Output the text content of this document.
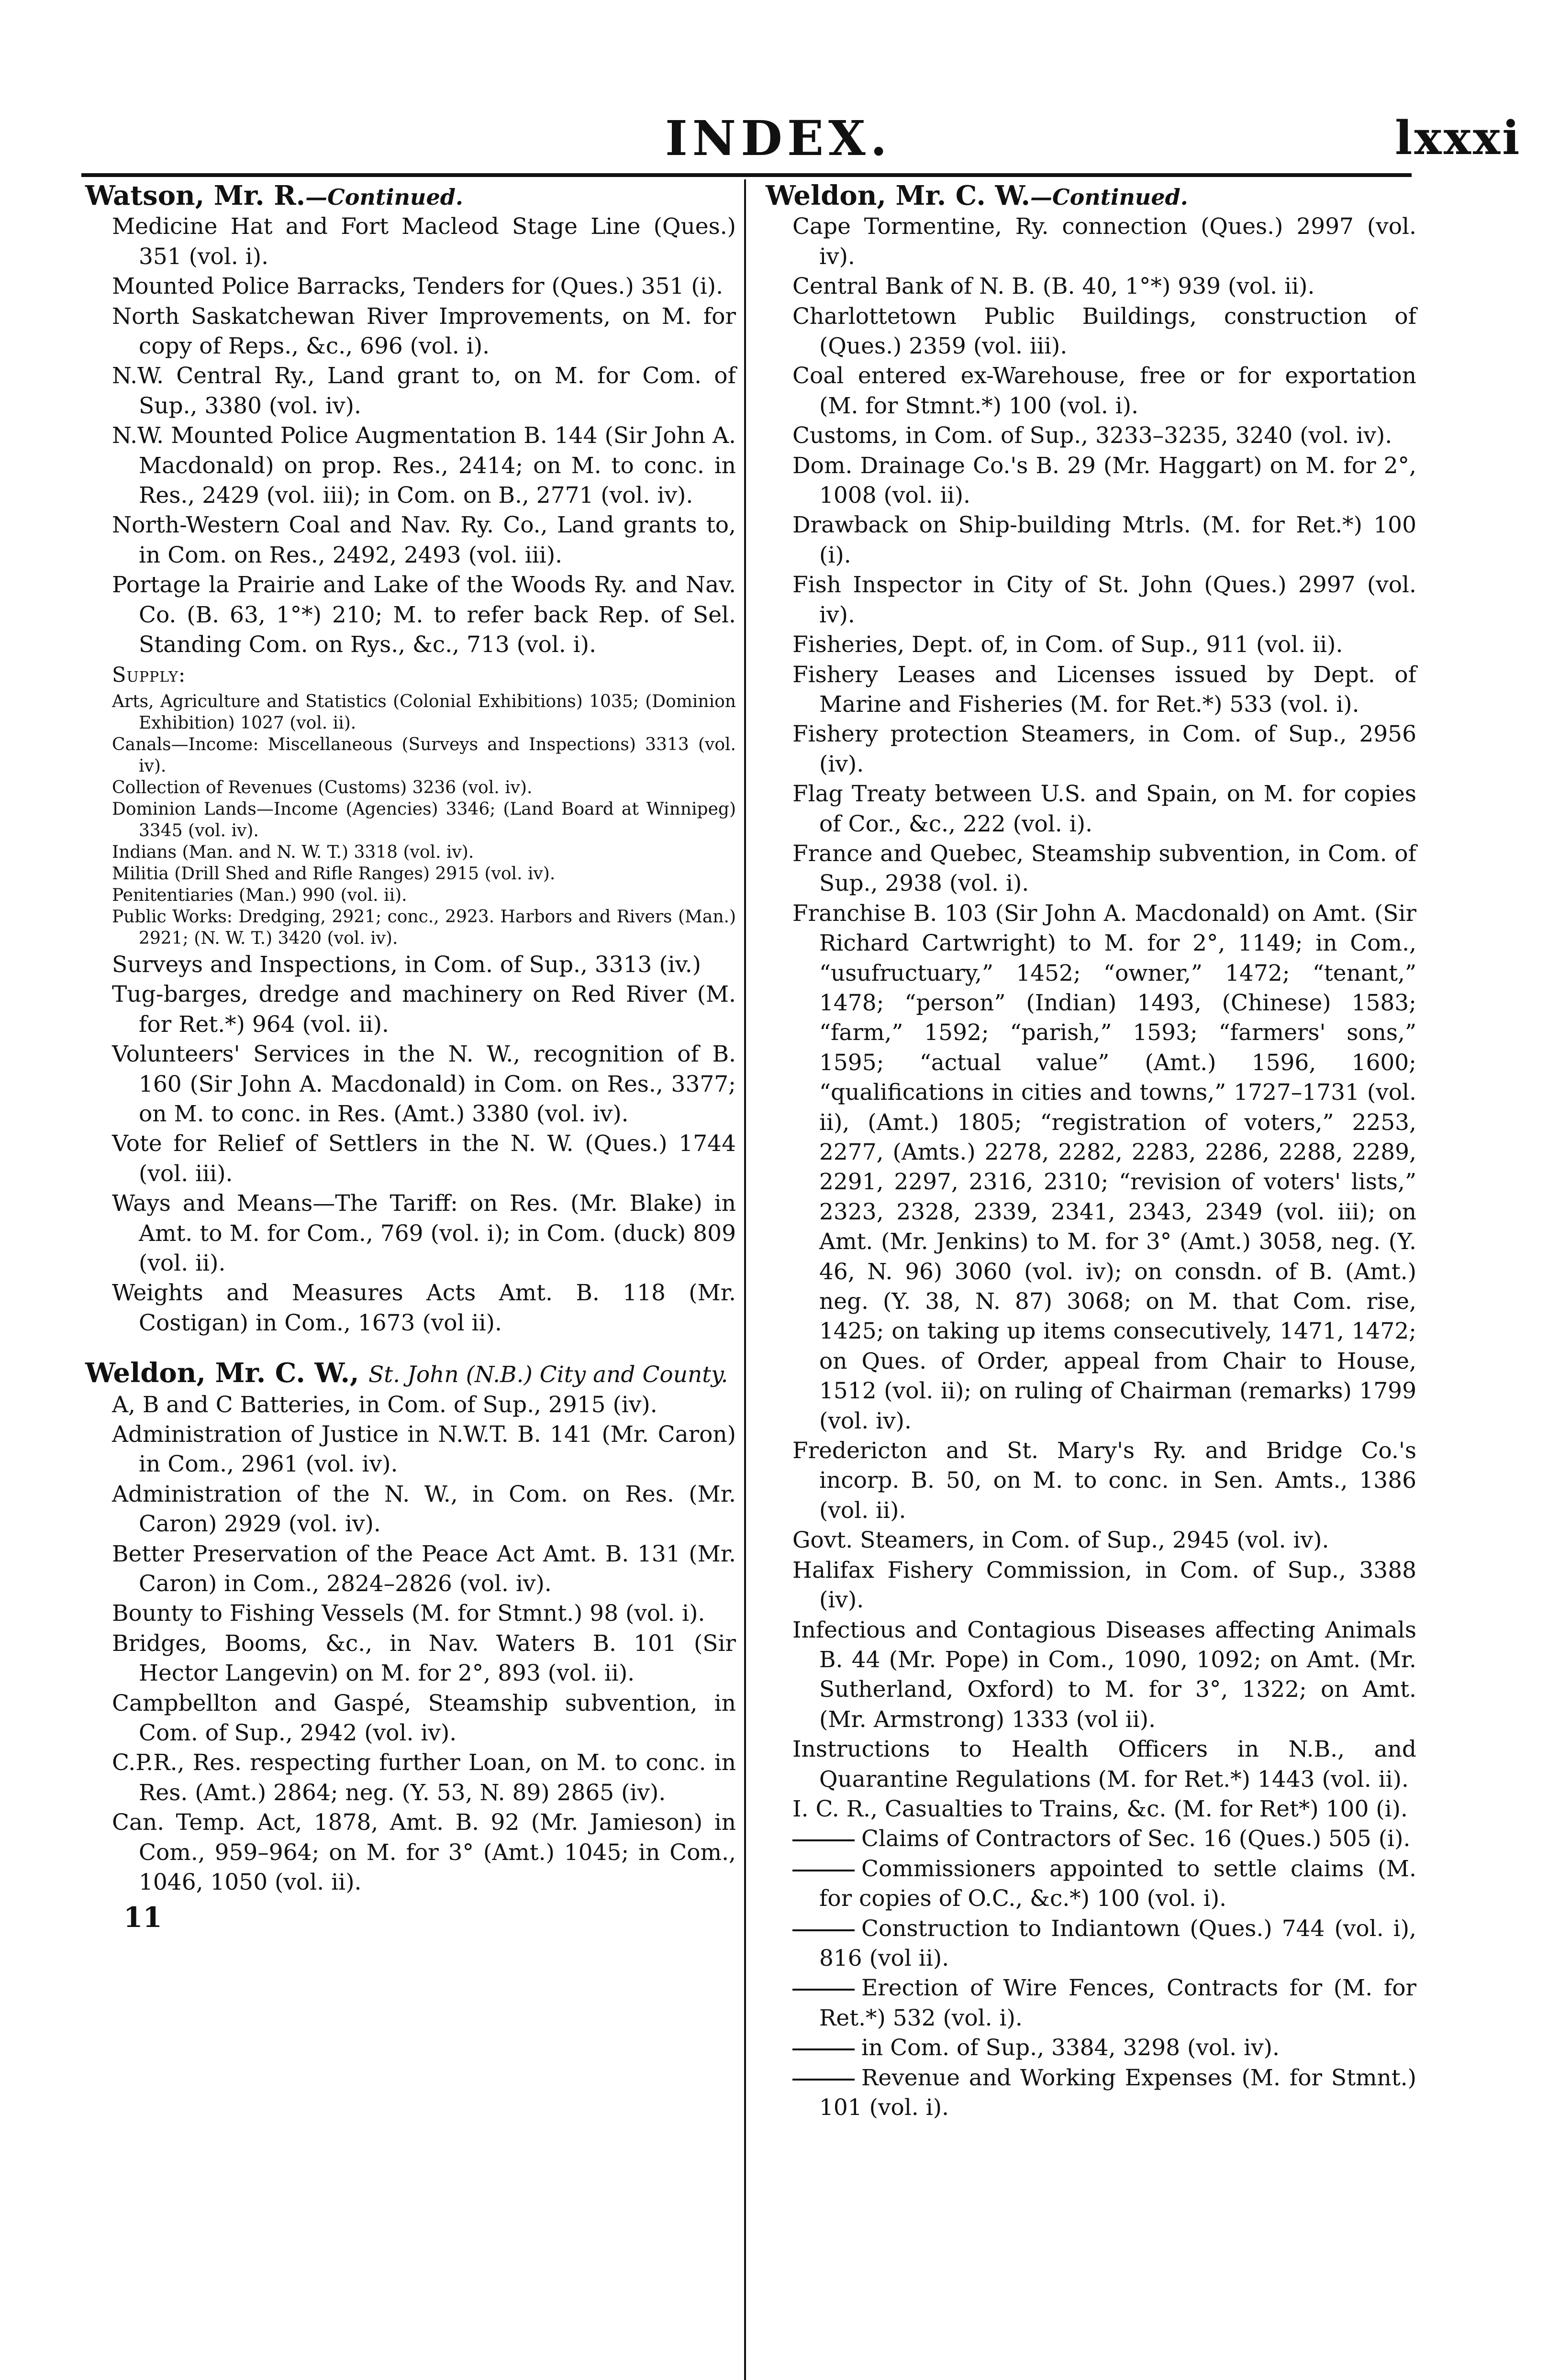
INDEX.	lxxxi
Watson, Mr. R.—Continued.
Medicine Hat and Fort Macleod Stage Line (Ques.) 351 (vol. i).
Mounted Police Barracks, Tenders for (Ques.) 351 (i).
North Saskatchewan River Improvements, on M. for copy of Reps., &c., 696 (vol. i).
N.W. Central Ry., Land grant to, on M. for Com. of Sup., 3380 (vol. iv).
N.W. Mounted Police Augmentation B. 144 (Sir John A. Macdonald) on prop. Res., 2414; on M. to conc. in Res., 2429 (vol. iii); in Com. on B., 2771 (vol. iv).
North-Western Coal and Nav. Ry. Co., Land grants to, in Com. on Res., 2492, 2493 (vol. iii).
Portage la Prairie and Lake of the Woods Ry. and Nav. Co. (B. 63, 1°*) 210; M. to refer back Rep. of Sel. Standing Com. on Rys., &c., 713 (vol. i).
Supply:
Arts, Agriculture and Statistics (Colonial Exhibitions) 1035; (Dominion Exhibition) 1027 (vol. ii).
Canals—Income: Miscellaneous (Surveys and Inspections) 3313 (vol. iv).
Collection of Revenues (Customs) 3236 (vol. iv).
Dominion Lands—Income (Agencies) 3346; (Land Board at Winnipeg) 3345 (vol. iv).
Indians (Man. and N. W. T.) 3318 (vol. iv).
Militia (Drill Shed and Rifle Ranges) 2915 (vol. iv).
Penitentiaries (Man.) 990 (vol. ii).
Public Works: Dredging, 2921; conc., 2923. Harbors and Rivers (Man.) 2921; (N. W. T.) 3420 (vol. iv).
Surveys and Inspections, in Com. of Sup., 3313 (iv.)
Tug-barges, dredge and machinery on Red River (M. for Ret.*) 964 (vol. ii).
Volunteers' Services in the N. W., recognition of B. 160 (Sir John A. Macdonald) in Com. on Res., 3377; on M. to conc. in Res. (Amt.) 3380 (vol. iv).
Vote for Relief of Settlers in the N. W. (Ques.) 1744 (vol. iii).
Ways and Means—The Tariff: on Res. (Mr. Blake) in Amt. to M. for Com., 769 (vol. i); in Com. (duck) 809 (vol. ii).
Weights and Measures Acts Amt. B. 118 (Mr. Costigan) in Com., 1673 (vol ii).
Weldon, Mr. C. W., St. John (N.B.) City and County.
A, B and C Batteries, in Com. of Sup., 2915 (iv).
Administration of Justice in N.W.T. B. 141 (Mr. Caron) in Com., 2961 (vol. iv).
Administration of the N. W., in Com. on Res. (Mr. Caron) 2929 (vol. iv).
Better Preservation of the Peace Act Amt. B. 131 (Mr. Caron) in Com., 2824–2826 (vol. iv).
Bounty to Fishing Vessels (M. for Stmnt.) 98 (vol. i).
Bridges, Booms, &c., in Nav. Waters B. 101 (Sir Hector Langevin) on M. for 2°, 893 (vol. ii).
Campbellton and Gaspé, Steamship subvention, in Com. of Sup., 2942 (vol. iv).
C.P.R., Res. respecting further Loan, on M. to conc. in Res. (Amt.) 2864; neg. (Y. 53, N. 89) 2865 (iv).
Can. Temp. Act, 1878, Amt. B. 92 (Mr. Jamieson) in Com., 959–964; on M. for 3° (Amt.) 1045; in Com., 1046, 1050 (vol. ii).
11
Weldon, Mr. C. W.—Continued.
Cape Tormentine, Ry. connection (Ques.) 2997 (vol. iv).
Central Bank of N. B. (B. 40, 1°*) 939 (vol. ii).
Charlottetown Public Buildings, construction of (Ques.) 2359 (vol. iii).
Coal entered ex-Warehouse, free or for exportation (M. for Stmnt.*) 100 (vol. i).
Customs, in Com. of Sup., 3233–3235, 3240 (vol. iv).
Dom. Drainage Co.'s B. 29 (Mr. Haggart) on M. for 2°, 1008 (vol. ii).
Drawback on Ship-building Mtrls. (M. for Ret.*) 100 (i).
Fish Inspector in City of St. John (Ques.) 2997 (vol. iv).
Fisheries, Dept. of, in Com. of Sup., 911 (vol. ii).
Fishery Leases and Licenses issued by Dept. of Marine and Fisheries (M. for Ret.*) 533 (vol. i).
Fishery protection Steamers, in Com. of Sup., 2956 (iv).
Flag Treaty between U.S. and Spain, on M. for copies of Cor., &c., 222 (vol. i).
France and Quebec, Steamship subvention, in Com. of Sup., 2938 (vol. i).
Franchise B. 103 (Sir John A. Macdonald) on Amt. (Sir Richard Cartwright) to M. for 2°, 1149; in Com., “usufructuary,” 1452; “owner,” 1472; “tenant,” 1478; “person” (Indian) 1493, (Chinese) 1583; “farm,” 1592; “parish,” 1593; “farmers' sons,” 1595; “actual value” (Amt.) 1596, 1600; “qualifications in cities and towns,” 1727–1731 (vol. ii), (Amt.) 1805; “registration of voters,” 2253, 2277, (Amts.) 2278, 2282, 2283, 2286, 2288, 2289, 2291, 2297, 2316, 2310; “revision of voters' lists,” 2323, 2328, 2339, 2341, 2343, 2349 (vol. iii); on Amt. (Mr. Jenkins) to M. for 3° (Amt.) 3058, neg. (Y. 46, N. 96) 3060 (vol. iv); on consdn. of B. (Amt.) neg. (Y. 38, N. 87) 3068; on M. that Com. rise, 1425; on taking up items consecutively, 1471, 1472; on Ques. of Order, appeal from Chair to House, 1512 (vol. ii); on ruling of Chairman (remarks) 1799 (vol. iv).
Fredericton and St. Mary's Ry. and Bridge Co.'s incorp. B. 50, on M. to conc. in Sen. Amts., 1386 (vol. ii).
Govt. Steamers, in Com. of Sup., 2945 (vol. iv).
Halifax Fishery Commission, in Com. of Sup., 3388 (iv).
Infectious and Contagious Diseases affecting Animals B. 44 (Mr. Pope) in Com., 1090, 1092; on Amt. (Mr. Sutherland, Oxford) to M. for 3°, 1322; on Amt. (Mr. Armstrong) 1333 (vol ii).
Instructions to Health Officers in N.B., and Quarantine Regulations (M. for Ret.*) 1443 (vol. ii).
I. C. R., Casualties to Trains, &c. (M. for Ret*) 100 (i).
Claims of Contractors of Sec. 16 (Ques.) 505 (i).
Commissioners appointed to settle claims (M. for copies of O.C., &c.*) 100 (vol. i).
Construction to Indiantown (Ques.) 744 (vol. i), 816 (vol ii).
Erection of Wire Fences, Contracts for (M. for Ret.*) 532 (vol. i).
in Com. of Sup., 3384, 3298 (vol. iv).
Revenue and Working Expenses (M. for Stmnt.) 101 (vol. i).
